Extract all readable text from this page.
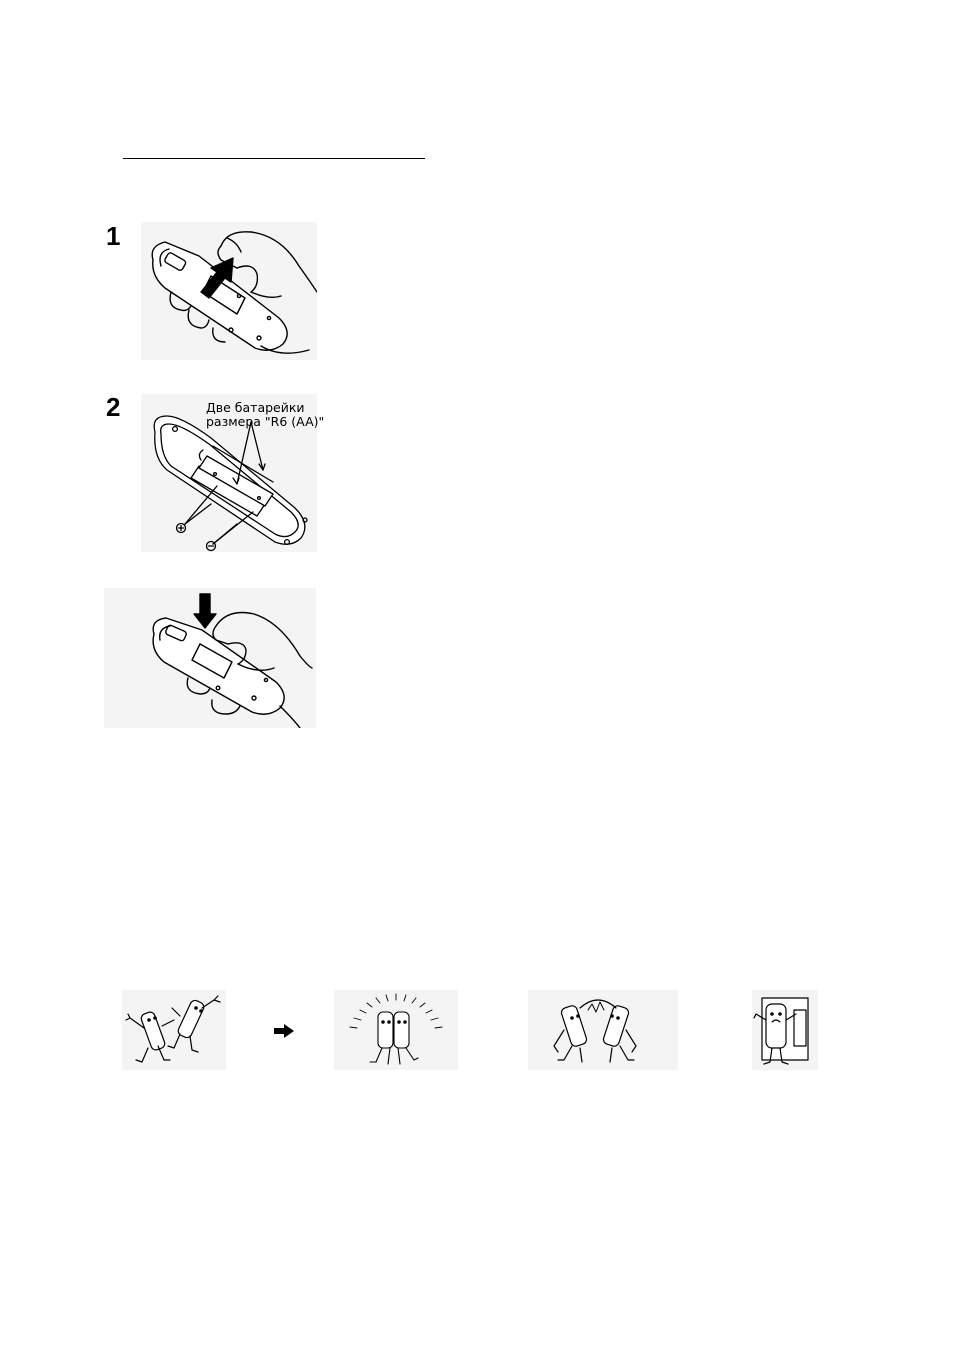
1
2	Две батарейки
размера "R6 (AA)"
